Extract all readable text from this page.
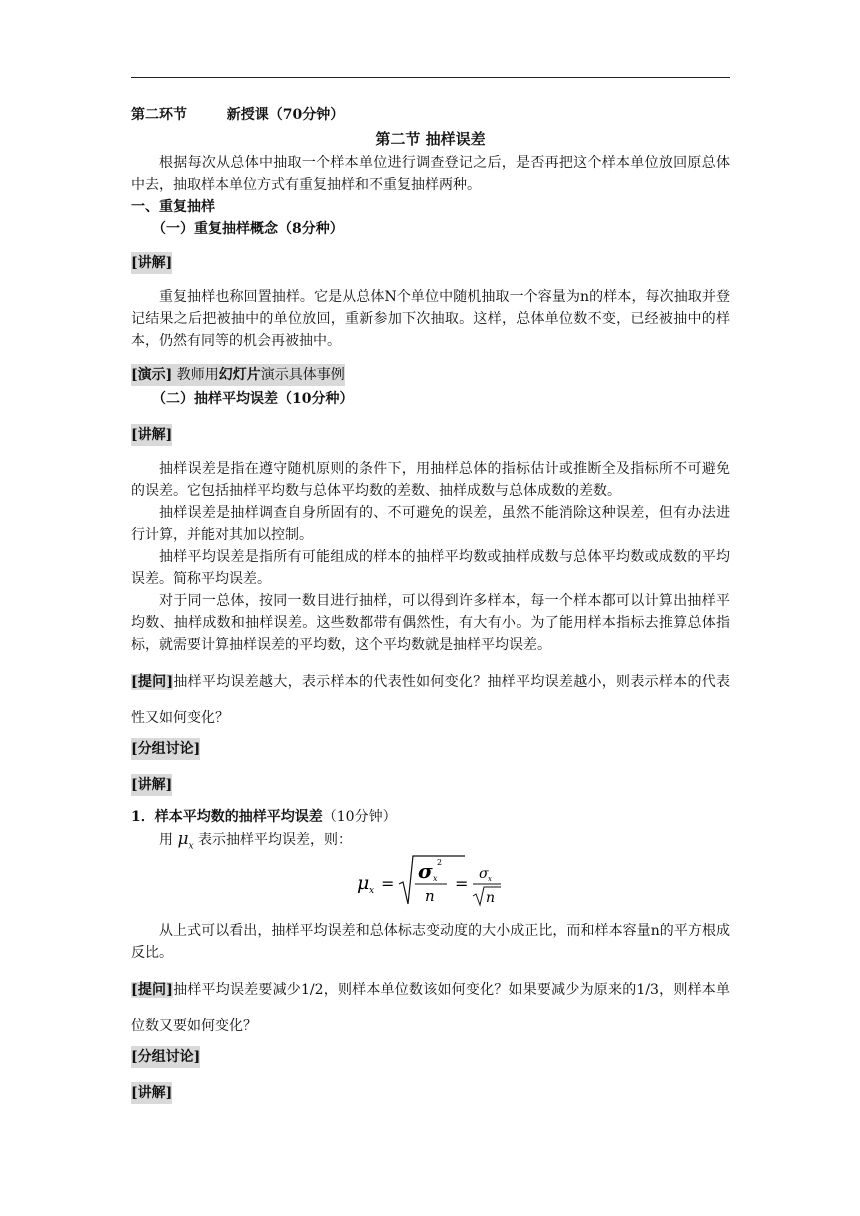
第二环节	新授课（70分钟）
第二节 抽样误差
根据每次从总体中抽取一个样本单位进行调查登记之后，是否再把这个样本单位放回原总体中去，抽取样本单位方式有重复抽样和不重复抽样两种。
一、重复抽样
（一）重复抽样概念（8分种）
[讲解]
重复抽样也称回置抽样。它是从总体N个单位中随机抽取一个容量为n的样本，每次抽取并登记结果之后把被抽中的单位放回，重新参加下次抽取。这样，总体单位数不变，已经被抽中的样本，仍然有同等的机会再被抽中。
[演示] 教师用幻灯片演示具体事例
（二）抽样平均误差（10分种）
[讲解]
抽样误差是指在遵守随机原则的条件下，用抽样总体的指标估计或推断全及指标所不可避免的误差。它包括抽样平均数与总体平均数的差数、抽样成数与总体成数的差数。
抽样误差是抽样调查自身所固有的、不可避免的误差，虽然不能消除这种误差，但有办法进行计算，并能对其加以控制。
抽样平均误差是指所有可能组成的样本的抽样平均数或抽样成数与总体平均数或成数的平均误差。简称平均误差。
对于同一总体，按同一数目进行抽样，可以得到许多样本，每一个样本都可以计算出抽样平均数、抽样成数和抽样误差。这些数都带有偶然性，有大有小。为了能用样本指标去推算总体指标，就需要计算抽样误差的平均数，这个平均数就是抽样平均误差。
[提问]抽样平均误差越大，表示样本的代表性如何变化？抽样平均误差越小，则表示样本的代表性又如何变化？
[分组讨论]
[讲解]
1．样本平均数的抽样平均误差（10分钟）
用 $\mu_x$ 表示抽样平均误差，则：
μ x =
σ x
2
n
= σ x
n
从上式可以看出，抽样平均误差和总体标志变动度的大小成正比，而和样本容量n的平方根成反比。
[提问]抽样平均误差要减少1/2，则样本单位数该如何变化？如果要减少为原来的1/3，则样本单位数又要如何变化？
[分组讨论]
[讲解]
